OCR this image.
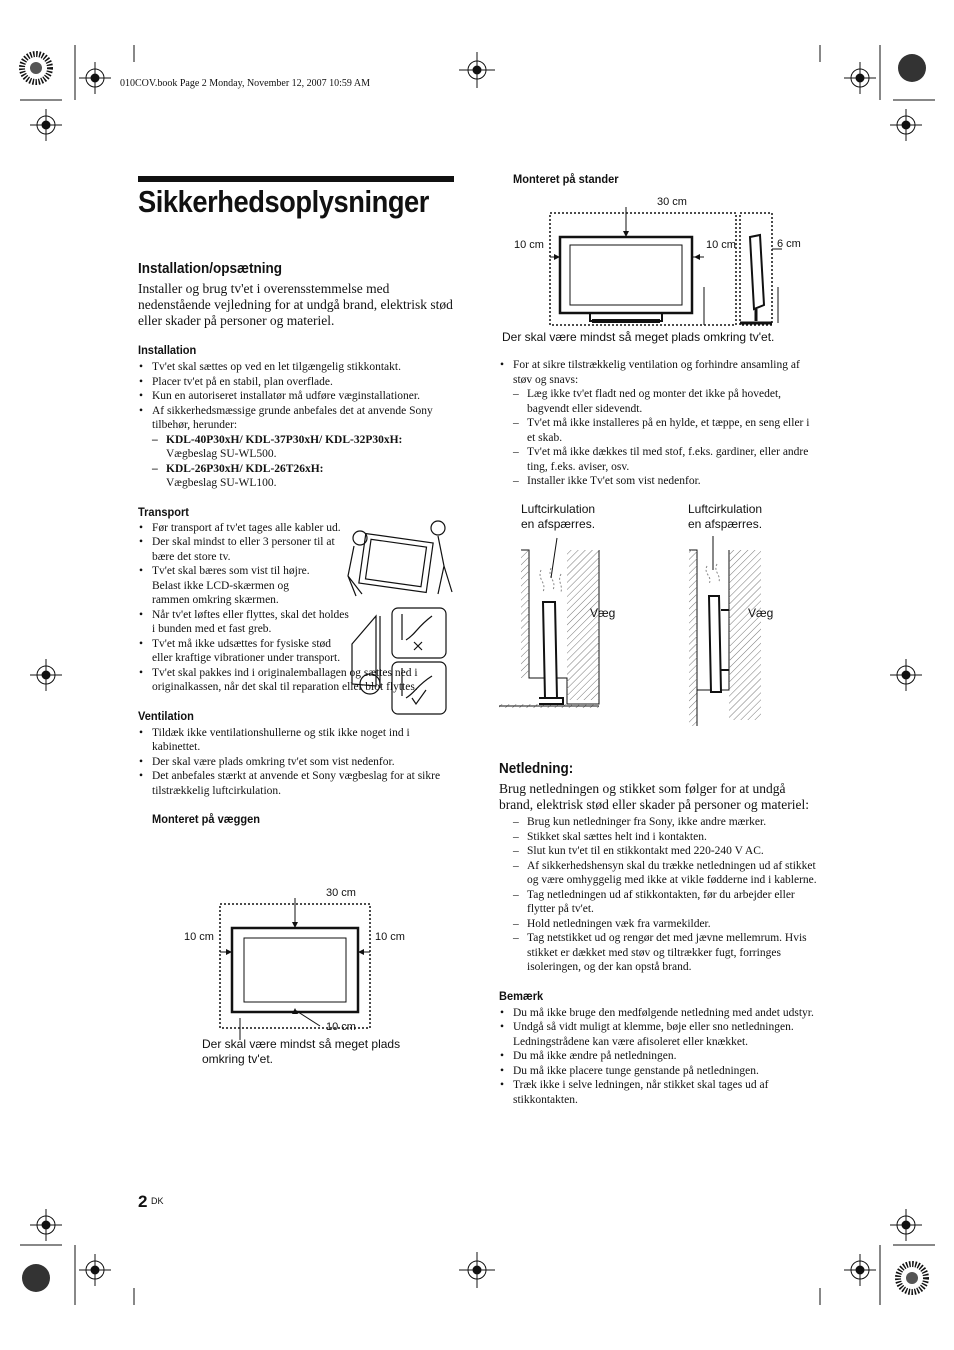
010COV.book Page 2 Monday, November 12, 2007 10:59 AM
Sikkerhedsoplysninger
Installation/opsætning
Installer og brug tv'et i overensstemmelse med nedenstående vejledning for at undgå brand, elektrisk stød eller skader på personer og materiel.
Installation
• Tv'et skal sættes op ved en let tilgængelig stikkontakt.
• Placer tv'et på en stabil, plan overflade.
• Kun en autoriseret installatør må udføre væginstallationer.
• Af sikkerhedsmæssige grunde anbefales det at anvende Sony tilbehør, herunder:
– KDL-40P30xH/ KDL-37P30xH/ KDL-32P30xH:
Vægbeslag SU-WL500.
– KDL-26P30xH/ KDL-26T26xH:
Vægbeslag SU-WL100.
Transport
• Før transport af tv'et tages alle kabler ud.
• Der skal mindst to eller 3 personer til at bære det store tv.
• Tv'et skal bæres som vist til højre. Belast ikke LCD-skærmen og rammen omkring skærmen.
• Når tv'et løftes eller flyttes, skal det holdes i bunden med et fast greb.
• Tv'et må ikke udsættes for fysiske stød eller kraftige vibrationer under transport.
• Tv'et skal pakkes ind i originalemballagen og sættes ned i originalkassen, når det skal til reparation eller blot flyttes.
Ventilation
• Tildæk ikke ventilationshullerne og stik ikke noget ind i kabinettet.
• Der skal være plads omkring tv'et som vist nedenfor.
• Det anbefales stærkt at anvende et Sony vægbeslag for at sikre tilstrækkelig luftcirkulation.
Monteret på væggen
30 cm
10 cm	10 cm
10 cm
Der skal være mindst så meget plads omkring tv'et.
Monteret på stander
30 cm
10 cm	10 cm	6 cm
Der skal være mindst så meget plads omkring tv'et.
• For at sikre tilstrækkelig ventilation og forhindre ansamling af støv og snavs:
– Læg ikke tv'et fladt ned og monter det ikke på hovedet, bagvendt eller sidevendt.
– Tv'et må ikke installeres på en hylde, et tæppe, en seng eller i et skab.
– Tv'et må ikke dækkes til med stof, f.eks. gardiner, eller andre ting, f.eks. aviser, osv.
– Installer ikke Tv'et som vist nedenfor.
Luftcirkulation
en afspærres.
Luftcirkulation
en afspærres.
Væg	Væg
Netledning:
Brug netledningen og stikket som følger for at undgå brand, elektrisk stød eller skader på personer og materiel:
– Brug kun netledninger fra Sony, ikke andre mærker.
– Stikket skal sættes helt ind i kontakten.
– Slut kun tv'et til en stikkontakt med 220-240 V AC.
– Af sikkerhedshensyn skal du trække netledningen ud af stikket og være omhyggelig med ikke at vikle fødderne ind i kablerne.
– Tag netledningen ud af stikkontakten, før du arbejder eller flytter på tv'et.
– Hold netledningen væk fra varmekilder.
– Tag netstikket ud og rengør det med jævne mellemrum. Hvis stikket er dækket med støv og tiltrækker fugt, forringes isoleringen, og der kan opstå brand.
Bemærk
• Du må ikke bruge den medfølgende netledning med andet udstyr.
• Undgå så vidt muligt at klemme, bøje eller sno netledningen. Ledningstrådene kan være afisoleret eller knækket.
• Du må ikke ændre på netledningen.
• Du må ikke placere tunge genstande på netledningen.
• Træk ikke i selve ledningen, når stikket skal tages ud af stikkontakten.
2 DK
